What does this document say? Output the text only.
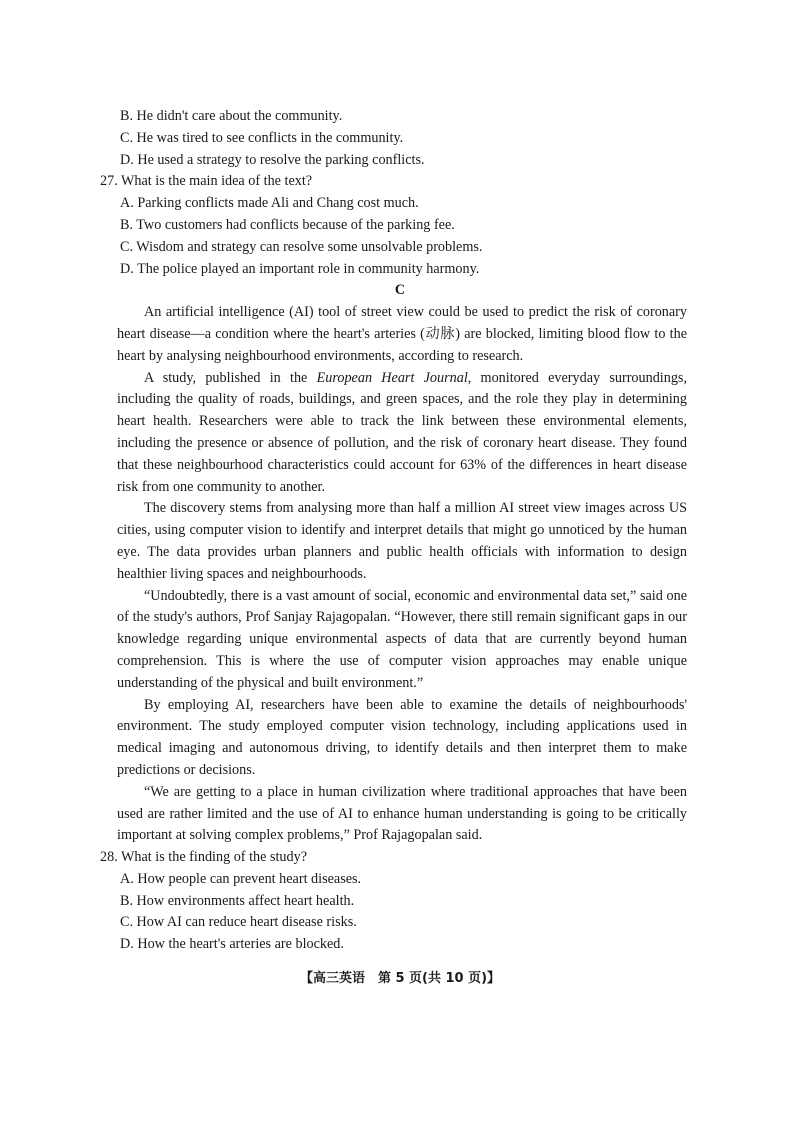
B. He didn't care about the community.
C. He was tired to see conflicts in the community.
D. He used a strategy to resolve the parking conflicts.
27. What is the main idea of the text?
A. Parking conflicts made Ali and Chang cost much.
B. Two customers had conflicts because of the parking fee.
C. Wisdom and strategy can resolve some unsolvable problems.
D. The police played an important role in community harmony.
C

An artificial intelligence (AI) tool of street view could be used to predict the risk of coronary heart disease—a condition where the heart's arteries (动脉) are blocked, limiting blood flow to the heart by analysing neighbourhood environments, according to research.

A study, published in the European Heart Journal, monitored everyday surroundings, including the quality of roads, buildings, and green spaces, and the role they play in determining heart health. Researchers were able to track the link between these environmental elements, including the presence or absence of pollution, and the risk of coronary heart disease. They found that these neighbourhood characteristics could account for 63% of the differences in heart disease risk from one community to another.

The discovery stems from analysing more than half a million AI street view images across US cities, using computer vision to identify and interpret details that might go unnoticed by the human eye. The data provides urban planners and public health officials with information to design healthier living spaces and neighbourhoods.

“Undoubtedly, there is a vast amount of social, economic and environmental data set,” said one of the study's authors, Prof Sanjay Rajagopalan. “However, there still remain significant gaps in our knowledge regarding unique environmental aspects of data that are currently beyond human comprehension. This is where the use of computer vision approaches may enable unique understanding of the physical and built environment.”

By employing AI, researchers have been able to examine the details of neighbourhoods' environment. The study employed computer vision technology, including applications used in medical imaging and autonomous driving, to identify details and then interpret them to make predictions or decisions.

“We are getting to a place in human civilization where traditional approaches that have been used are rather limited and the use of AI to enhance human understanding is going to be critically important at solving complex problems,” Prof Rajagopalan said.

28. What is the finding of the study?
A. How people can prevent heart diseases.
B. How environments affect heart health.
C. How AI can reduce heart disease risks.
D. How the heart's arteries are blocked.
【高三英语　第 5 页(共 10 页)】
